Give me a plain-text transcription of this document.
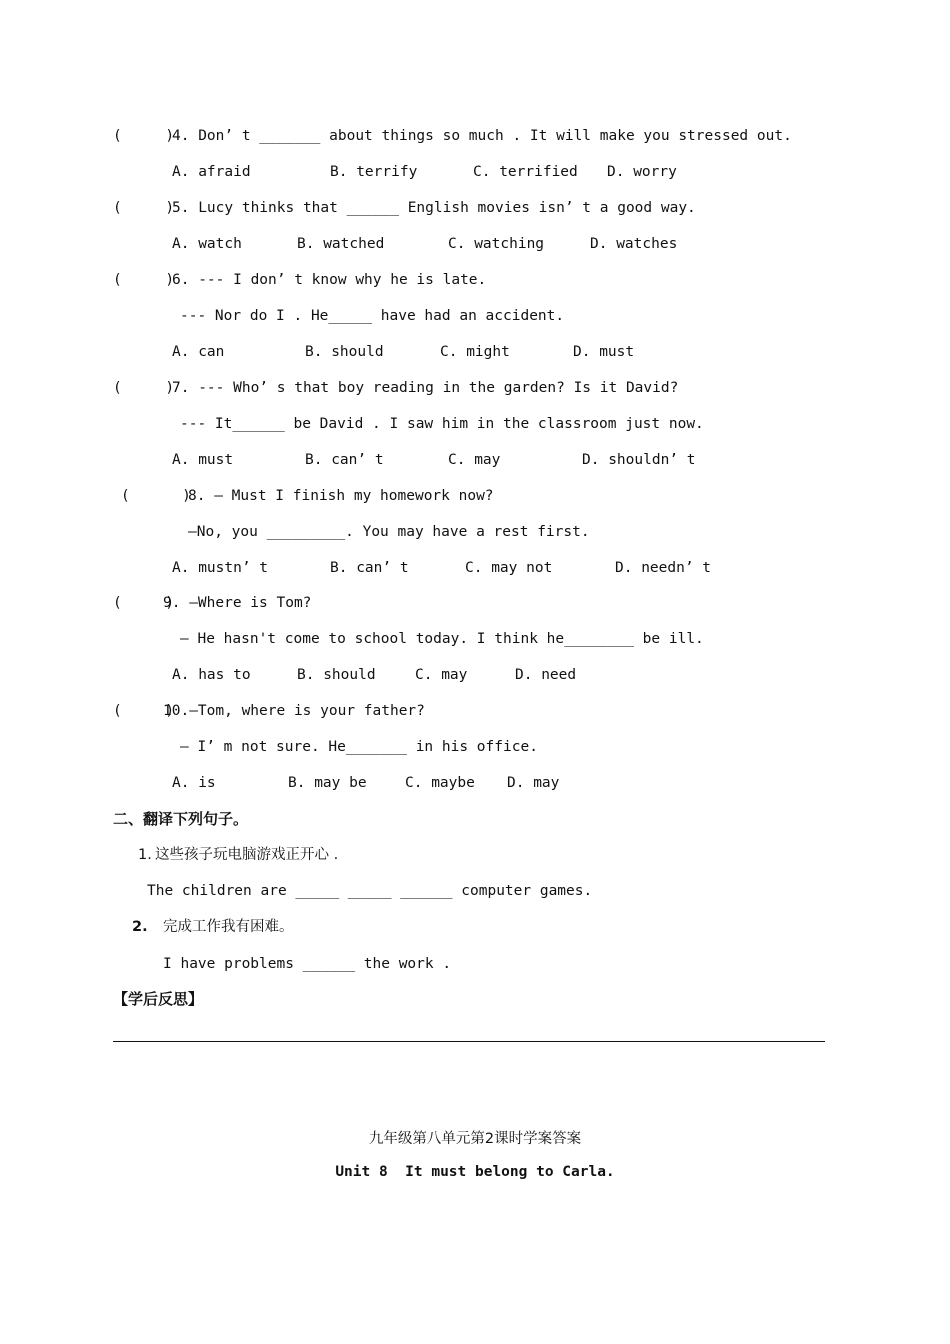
(     )
4. Don’ t _______ about things so much . It will make you stressed out.
A. afraid	B. terrify	C. terrified D. worry
(     )
5. Lucy thinks that ______ English movies isn’ t a good way.
A. watch	B. watched	C. watching	D. watches
(     )
6. --- I don’ t know why he is late.
--- Nor do I . He_____ have had an accident.
A. can	B. should	C. might	D. must
(     )
7. --- Who’ s that boy reading in the garden? Is it David?
--- It______ be David . I saw him in the classroom just now.
A. must	B. can’ t	C. may	D. shouldn’ t
(      )
8. — Must I finish my homework now?
—No, you _________. You may have a rest first.
A. mustn’ t	B. can’ t	C. may not	D. needn’ t
(     )
9. —Where is Tom?
— He hasn't come to school today. I think he________ be ill.
A. has to	B. should	C. may	D. need
(     )
10.—Tom, where is your father?
— I’ m not sure. He_______ in his office.
A. is	B. may be	C. maybe D. may
二、翻译下列句子。
1. 这些孩子玩电脑游戏正开心 .
The children are _____ _____ ______ computer games.
2. 完成工作我有困难。
I have problems ______ the work .
【学后反思】
九年级第八单元第2课时学案答案
Unit 8  It must belong to Carla.
